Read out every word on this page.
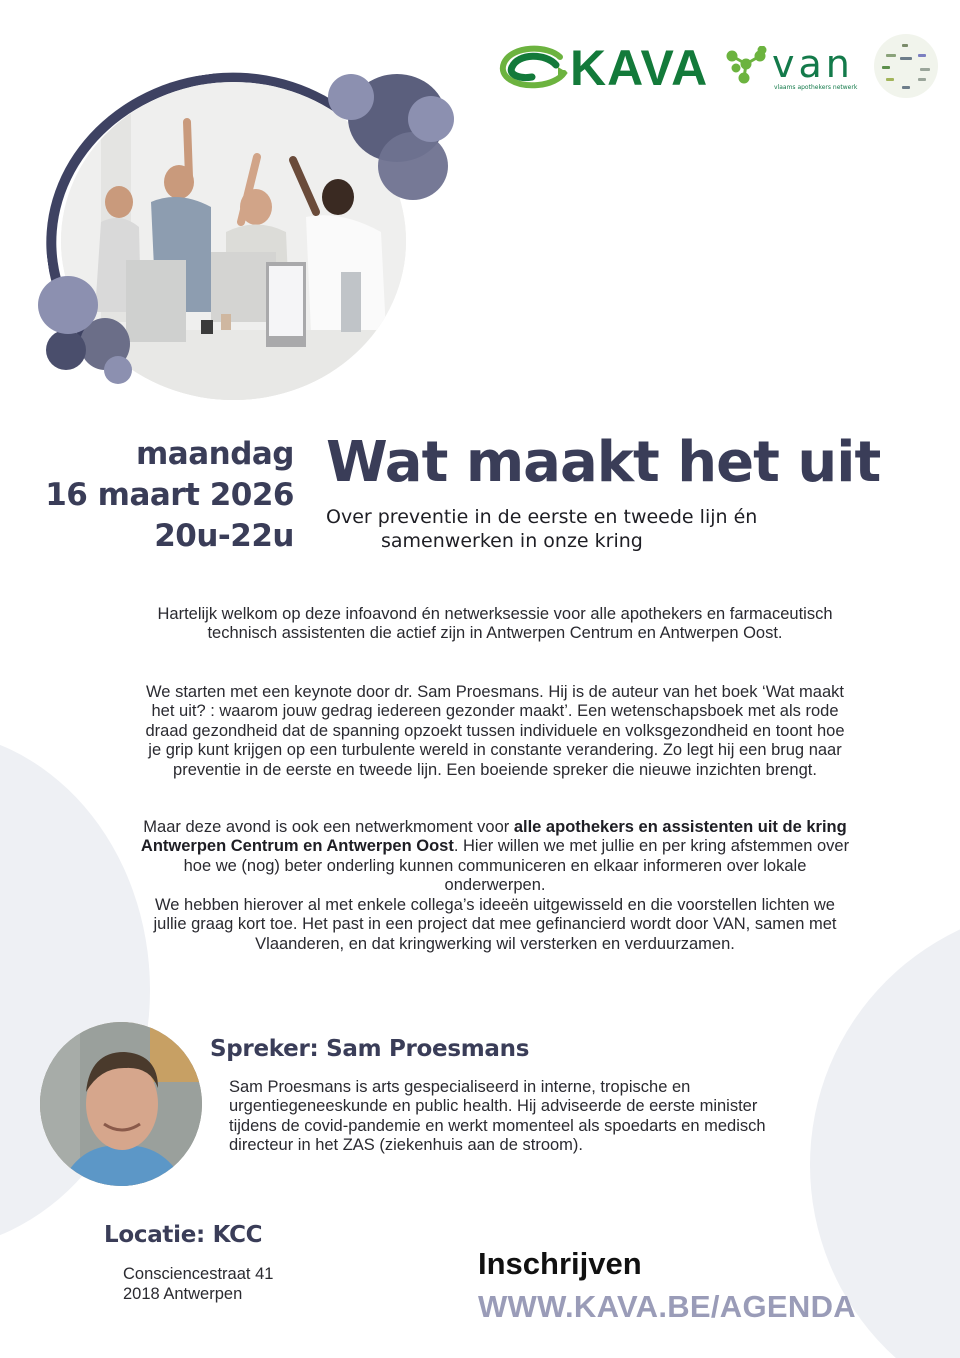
KAVA van
vlaams apothekers netwerk
maandag
16 maart 2026
20u-22u
Wat maakt het uit
Over preventie in de eerste en tweede lijn én
samenwerken in onze kring

Hartelijk welkom op deze infoavond én netwerksessie voor alle apothekers en farmaceutisch technisch assistenten die actief zijn in Antwerpen Centrum en Antwerpen Oost.

We starten met een keynote door dr. Sam Proesmans. Hij is de auteur van het boek ‘Wat maakt het uit? : waarom jouw gedrag iedereen gezonder maakt’. Een wetenschapsboek met als rode draad gezondheid dat de spanning opzoekt tussen individuele en volksgezondheid en toont hoe je grip kunt krijgen op een turbulente wereld in constante verandering. Zo legt hij een brug naar preventie in de eerste en tweede lijn. Een boeiende spreker die nieuwe inzichten brengt.

Maar deze avond is ook een netwerkmoment voor alle apothekers en assistenten uit de kring Antwerpen Centrum en Antwerpen Oost. Hier willen we met jullie en per kring afstemmen over hoe we (nog) beter onderling kunnen communiceren en elkaar informeren over lokale onderwerpen.

We hebben hierover al met enkele collega’s ideeën uitgewisseld en die voorstellen lichten we jullie graag kort toe. Het past in een project dat mee gefinancierd wordt door VAN, samen met Vlaanderen, en dat kringwerking wil versterken en verduurzamen.

Spreker: Sam Proesmans

Sam Proesmans is arts gespecialiseerd in interne, tropische en urgentiegeneeskunde en public health. Hij adviseerde de eerste minister tijdens de covid-pandemie en werkt momenteel als spoedarts en medisch directeur in het ZAS (ziekenhuis aan de stroom).

Locatie: KCC
Consciencestraat 41
2018 Antwerpen
Inschrijven
WWW.KAVA.BE/AGENDA
